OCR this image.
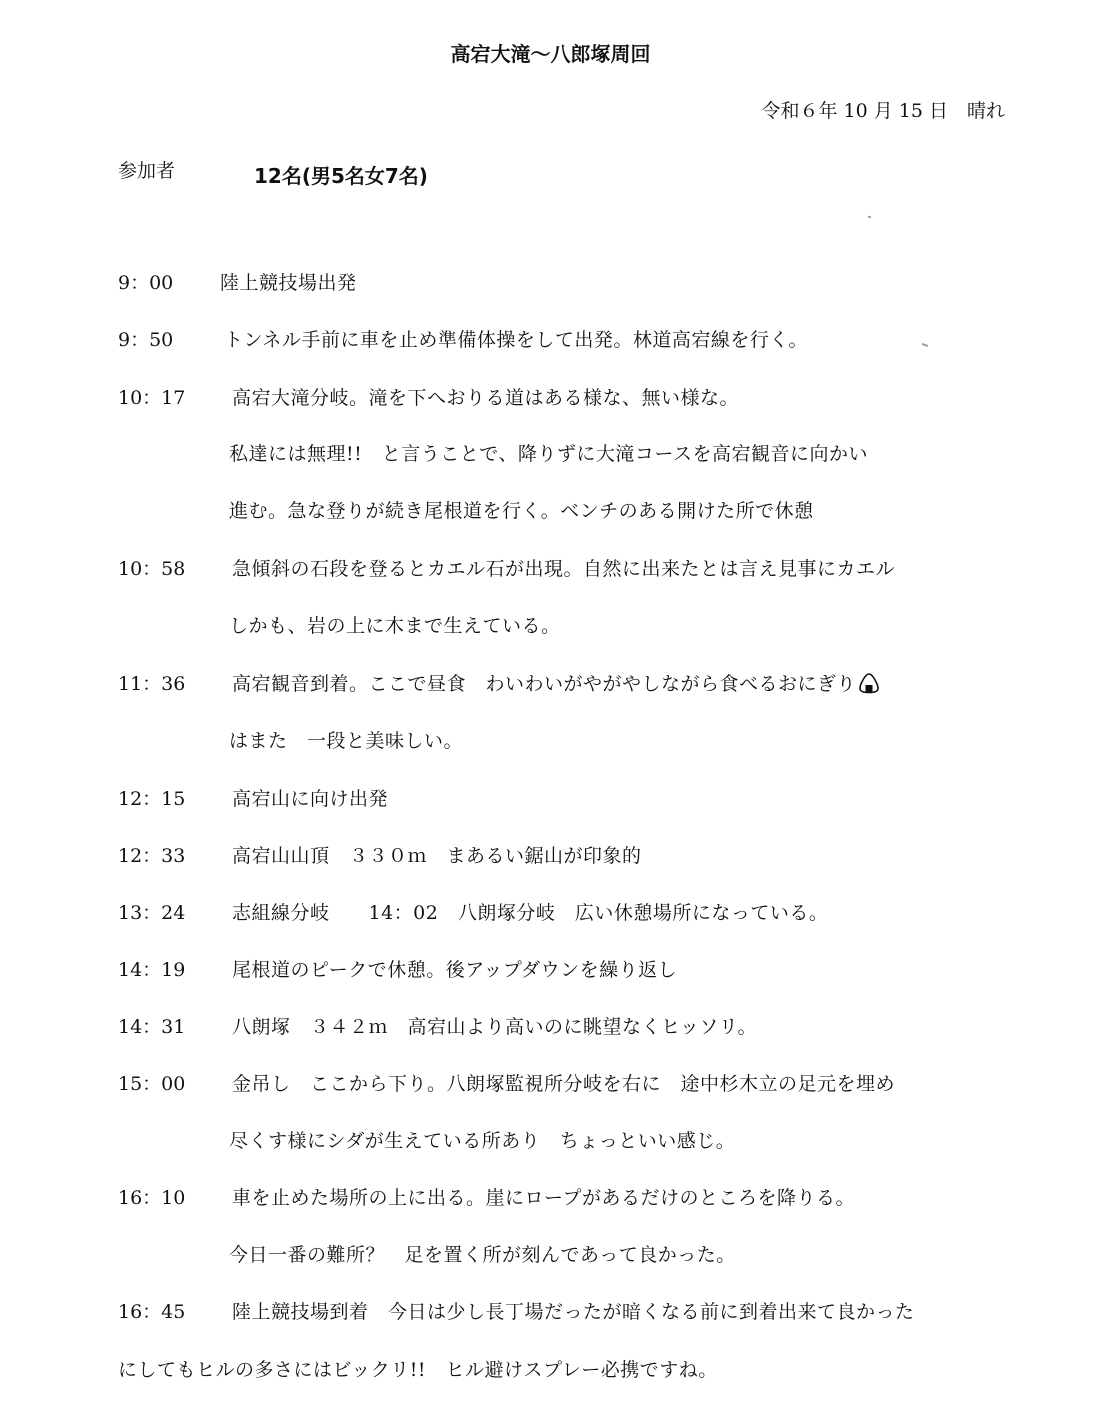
高宕大滝～八郎塚周回
令和６年 10 月 15 日　晴れ
参加者	12名(男5名女7名)
9：00 陸上競技場出発
9：50	トンネル手前に車を止め準備体操をして出発。林道高宕線を行く。
10：17 高宕大滝分岐。滝を下へおりる道はある様な、無い様な。
私達には無理!!　と言うことで、降りずに大滝コースを高宕観音に向かい
進む。急な登りが続き尾根道を行く。ベンチのある開けた所で休憩
10：58 急傾斜の石段を登るとカエル石が出現。自然に出来たとは言え見事にカエル
しかも、岩の上に木まで生えている。
11：36 高宕観音到着。ここで昼食　わいわいがやがやしながら食べるおにぎり
はまた　一段と美味しい。
12：15 高宕山に向け出発
12：33 高宕山山頂　３３０ｍ　まあるい鋸山が印象的
13：24 志組線分岐　　14：02　八朗塚分岐　広い休憩場所になっている。
14：19 尾根道のピークで休憩。後アップダウンを繰り返し
14：31 八朗塚　３４２ｍ　高宕山より高いのに眺望なくヒッソリ。
15：00 金吊し　ここから下り。八朗塚監視所分岐を右に　途中杉木立の足元を埋め
尽くす様にシダが生えている所あり　ちょっといい感じ。
16：10 車を止めた場所の上に出る。崖にロープがあるだけのところを降りる。
今日一番の難所？　足を置く所が刻んであって良かった。
16：45 陸上競技場到着　今日は少し長丁場だったが暗くなる前に到着出来て良かった
にしてもヒルの多さにはビックリ!!　ヒル避けスプレー必携ですね。
